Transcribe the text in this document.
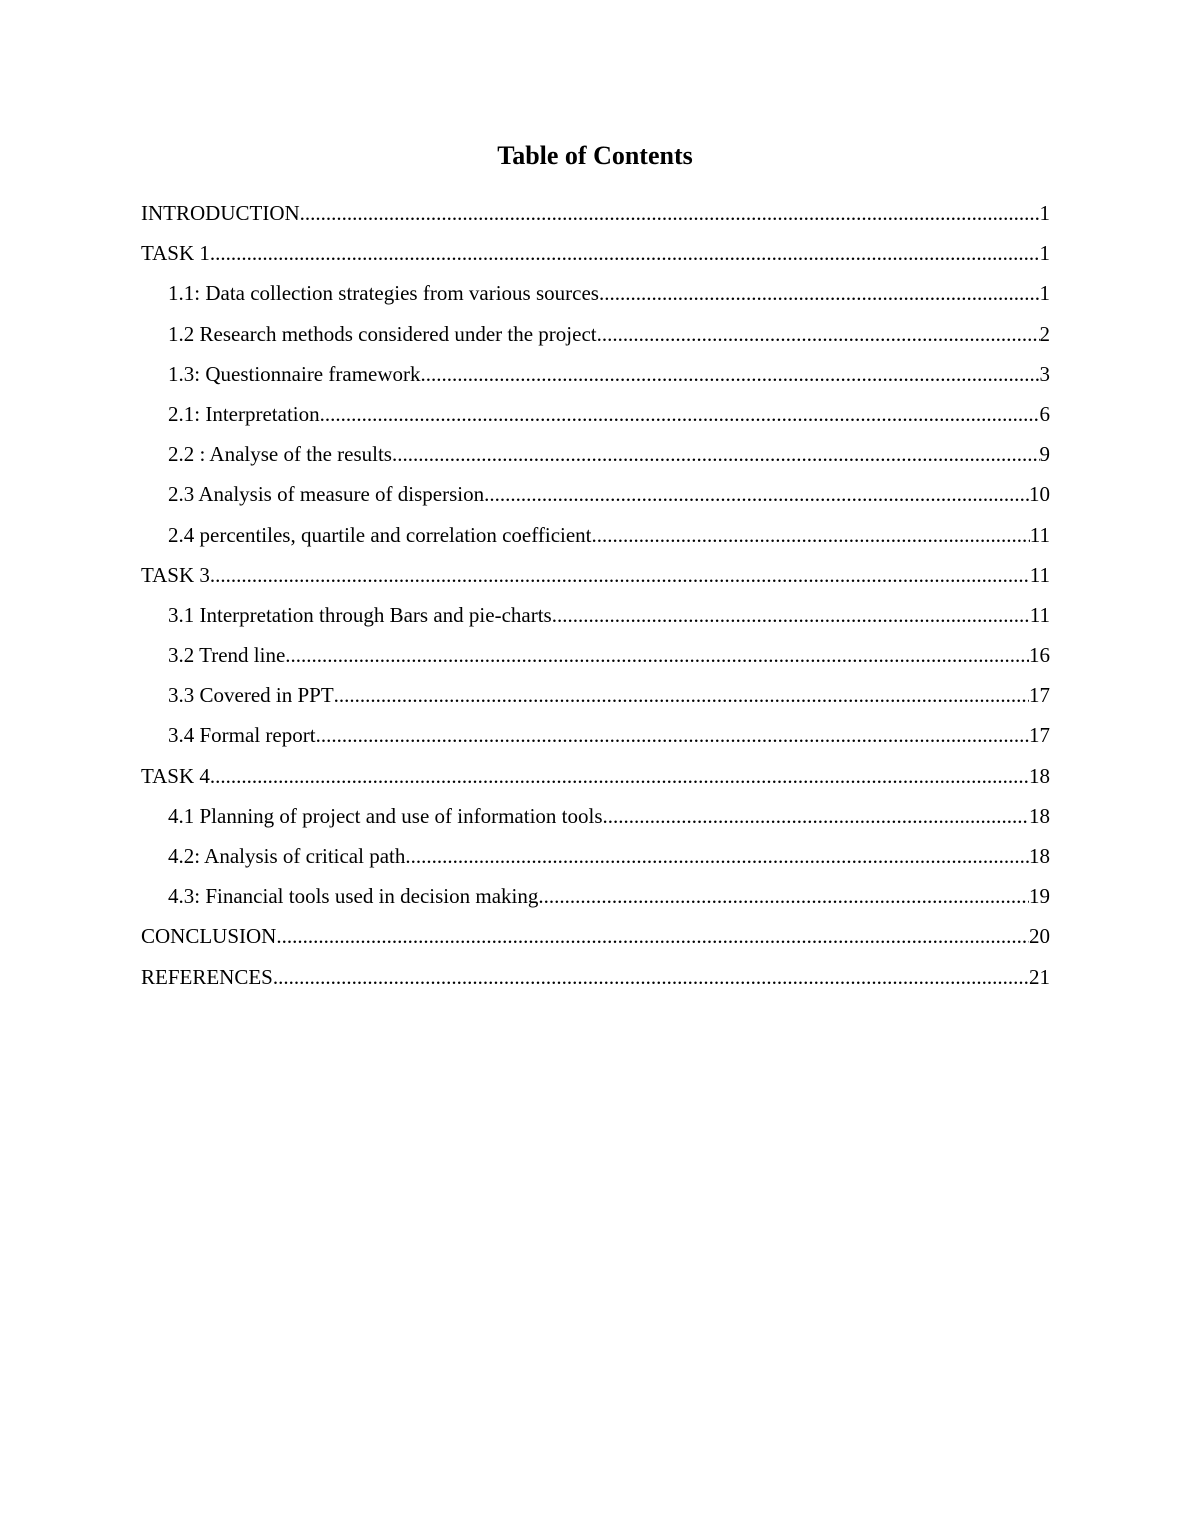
Table of Contents
INTRODUCTION .....	1
TASK 1 .....	1
1.1: Data collection strategies from various sources .....	1
1.2 Research methods considered under the project .....	2
1.3: Questionnaire framework .....	3
2.1: Interpretation .....	6
2.2 : Analyse of the results .....	9
2.3 Analysis of measure of dispersion .....	10
2.4 percentiles, quartile and correlation coefficient .....	11
TASK 3 .....	11
3.1 Interpretation through Bars and pie-charts .....	11
3.2 Trend line .....	16
3.3 Covered in PPT .....	17
3.4 Formal report .....	17
TASK 4 .....	18
4.1 Planning of project and use of information tools .....	18
4.2: Analysis of critical path .....	18
4.3: Financial tools used in decision making .....	19
CONCLUSION .....	20
REFERENCES .....	21
